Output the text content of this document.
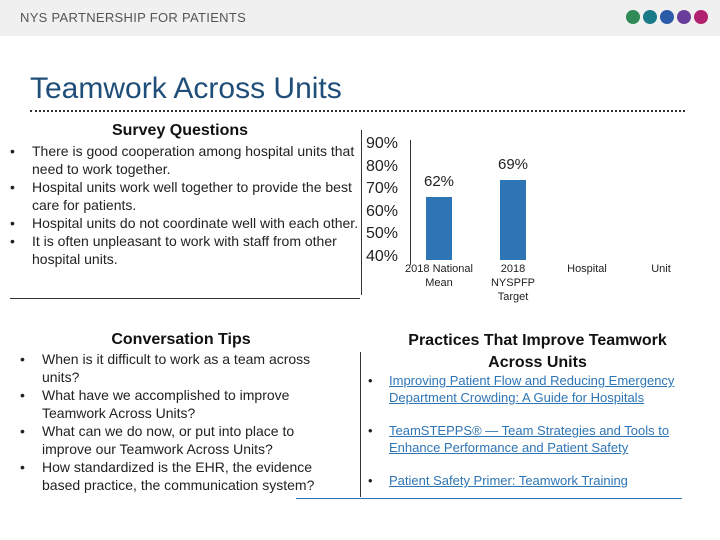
NYS PARTNERSHIP FOR PATIENTS
Teamwork Across Units
Survey Questions
• There is good cooperation among hospital units that need to work together.
• Hospital units work well together to provide the best care for patients.
• Hospital units do not coordinate well with each other.
• It is often unpleasant to work with staff from other hospital units.
90%
80%
70%
60%
50%
40%
62%
2018 National Mean
69%
2018 NYSPFP Target
Hospital	Unit
Conversation Tips
• When is it difficult to work as a team across units?
• What have we accomplished to improve Teamwork Across Units?
• What can we do now, or put into place to improve our Teamwork Across Units?
• How standardized is the EHR, the evidence based practice, the communication system?
Practices That Improve Teamwork Across Units
• Improving Patient Flow and Reducing Emergency Department Crowding: A Guide for Hospitals
• TeamSTEPPS® — Team Strategies and Tools to Enhance Performance and Patient Safety
• Patient Safety Primer: Teamwork Training
